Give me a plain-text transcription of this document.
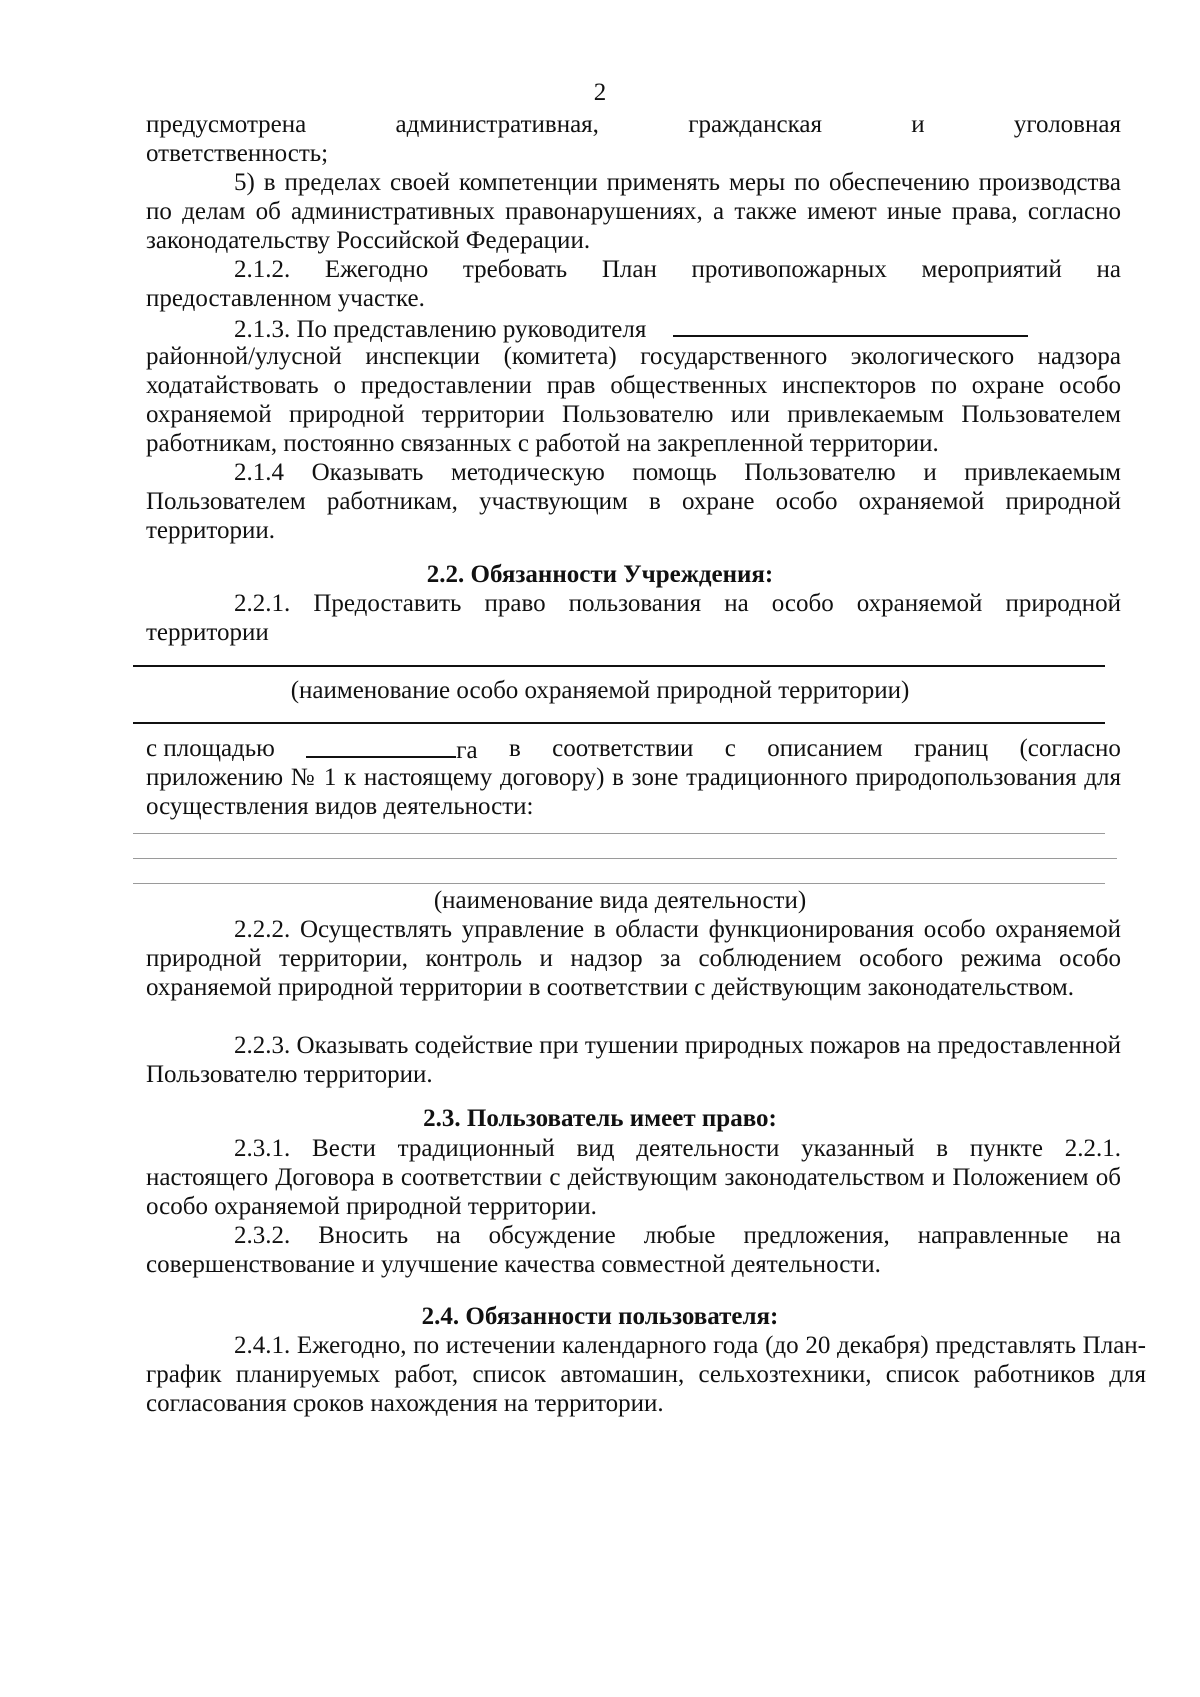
2
предусмотрена	административная,	гражданская	и	уголовная
ответственность;

5) в пределах своей компетенции применять меры по обеспечению производства по делам об административных правонарушениях, а также имеют иные права, согласно законодательству Российской Федерации.

2.1.2. Ежегодно требовать План противопожарных мероприятий на предоставленном участке.

2.1.3. По представлению руководителя

районной/улусной инспекции (комитета) государственного экологического надзора ходатайствовать о предоставлении прав общественных инспекторов по охране особо охраняемой природной территории Пользователю или привлекаемым Пользователем работникам, постоянно связанных с работой на закрепленной территории.

2.1.4 Оказывать методическую помощь Пользователю и привлекаемым Пользователем работникам, участвующим в охране особо охраняемой природной территории.

2.2. Обязанности Учреждения:

2.2.1. Предоставить право пользования на особо охраняемой природной территории

(наименование особо охраняемой природной территории)
с площадью	га в соответствии с описанием границ (согласно

приложению № 1 к настоящему договору) в зоне традиционного природопользования для осуществления видов деятельности:

(наименование вида деятельности)

2.2.2. Осуществлять управление в области функционирования особо охраняемой природной территории, контроль и надзор за соблюдением особого режима особо охраняемой природной территории в соответствии с действующим законодательством.

2.2.3. Оказывать содействие при тушении природных пожаров на предоставленной Пользователю территории.

2.3. Пользователь имеет право:

2.3.1. Вести традиционный вид деятельности указанный в пункте 2.2.1. настоящего Договора в соответствии с действующим законодательством и Положением об особо охраняемой природной территории.

2.3.2. Вносить на обсуждение любые предложения, направленные на совершенствование и улучшение качества совместной деятельности.

2.4. Обязанности пользователя:

2.4.1. Ежегодно, по истечении календарного года (до 20 декабря) представлять План-график планируемых работ, список автомашин, сельхозтехники, список работников для согласования сроков нахождения на территории.
